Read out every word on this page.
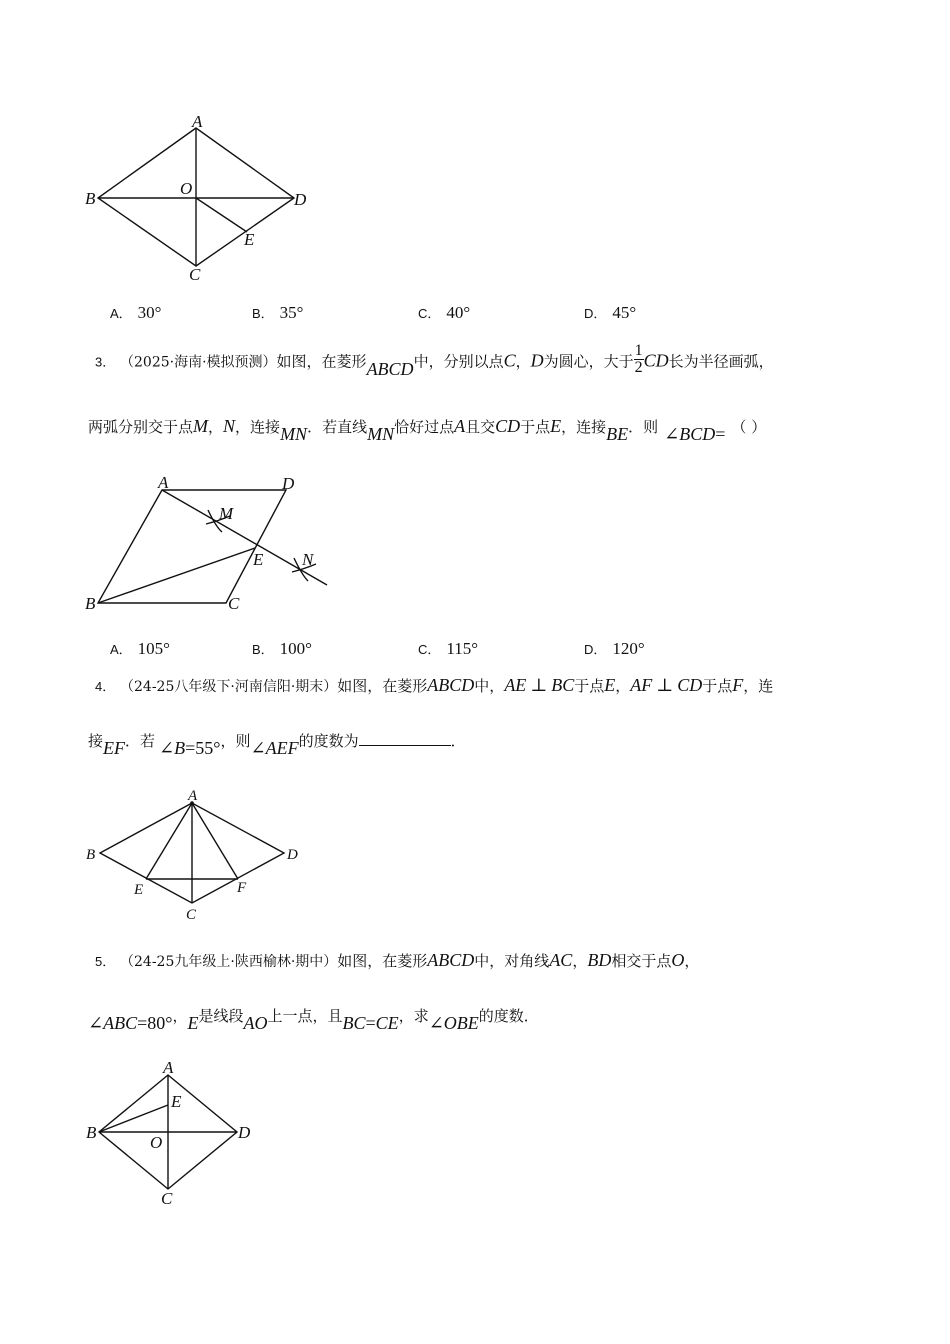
A
B
C
D
O
E
A． 30°	B． 35°	C． 40°	D． 45°
3． （2025·海南·模拟预测）如图，在菱形ABCD中，分别以点C，D为圆心，大于 $\frac{1}{2}$ CD长为半径画弧，
两弧分别交于点M，N，连接MN．若直线MN恰好过点A且交CD于点E，连接BE．则 ∠BCD= （ ）
A	D
B	C
E
M
N
A． 105°	B． 100°	C． 115°	D． 120°
4． （24-25八年级下·河南信阳·期末）如图，在菱形ABCD中，AE ⊥ BC于点E，AF ⊥ CD于点F，连
接EF．若 ∠B=55°，则∠AEF的度数为	．
A
B
C
D
E	F
5． （24-25九年级上·陕西榆林·期中）如图，在菱形ABCD中，对角线AC，BD相交于点O，
∠ABC=80°，E是线段AO上一点，且BC=CE，求∠OBE的度数．
A
B
C
D
E
O
